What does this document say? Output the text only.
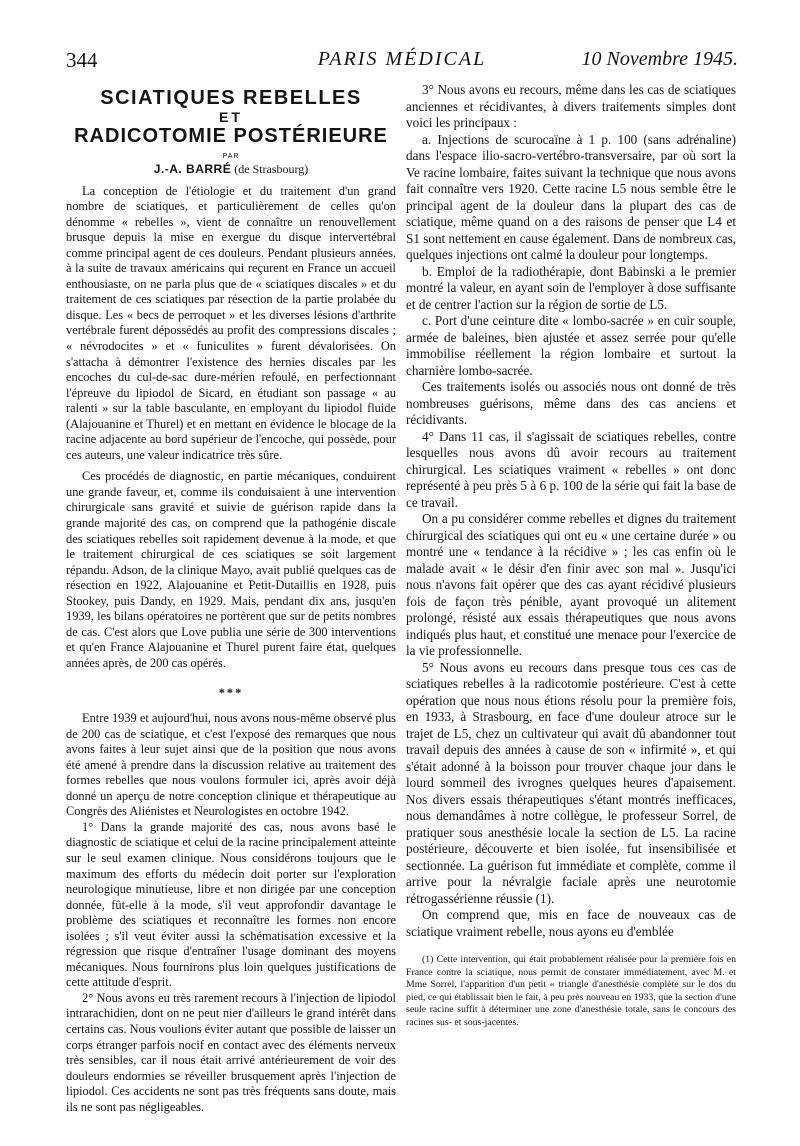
344	PARIS MÉDICAL	10 Novembre 1945.

SCIATIQUES REBELLES

ET

RADICOTOMIE POSTÉRIEURE

PAR

J.-A. BARRÉ (de Strasbourg)

La conception de l'étiologie et du traitement d'un grand nombre de sciatiques, et particulièrement de celles qu'on dénomme « rebelles », vient de connaître un renouvellement brusque depuis la mise en exergue du disque intervertébral comme principal agent de ces douleurs. Pendant plusieurs années, à la suite de travaux américains qui reçurent en France un accueil enthousiaste, on ne parla plus que de « sciatiques discales » et du traitement de ces sciatiques par résection de la partie prolabée du disque. Les « becs de perroquet » et les diverses lésions d'arthrite vertébrale furent dépossédés au profit des compressions discales ; « névrodocites » et « funiculites » furent dévalorisées. On s'attacha à démontrer l'existence des hernies discales par les encoches du cul-de-sac dure-mérien refoulé, en perfectionnant l'épreuve du lipiodol de Sicard, en étudiant son passage « au ralenti » sur la table basculante, en employant du lipiodol fluide (Alajouanine et Thurel) et en mettant en évidence le blocage de la racine adjacente au bord supérieur de l'encoche, qui possède, pour ces auteurs, une valeur indicatrice très sûre.

Ces procédés de diagnostic, en partie mécaniques, conduirent une grande faveur, et, comme ils conduisaient à une intervention chirurgicale sans gravité et suivie de guérison rapide dans la grande majorité des cas, on comprend que la pathogénie discale des sciatiques rebelles soit rapidement devenue à la mode, et que le traitement chirurgical de ces sciatiques se soit largement répandu. Adson, de la clinique Mayo, avait publié quelques cas de résection en 1922, Alajouanine et Petit-Dutaillis en 1928, puis Stookey, puis Dandy, en 1929. Mais, pendant dix ans, jusqu'en 1939, les bilans opératoires ne portèrent que sur de petits nombres de cas. C'est alors que Love publia une série de 300 interventions et qu'en France Alajouanine et Thurel purent faire état, quelques années après, de 200 cas opérés.

***

Entre 1939 et aujourd'hui, nous avons nous-même observé plus de 200 cas de sciatique, et c'est l'exposé des remarques que nous avons faites à leur sujet ainsi que de la position que nous avons été amené à prendre dans la discussion relative au traitement des formes rebelles que nous voulons formuler ici, après avoir déjà donné un aperçu de notre conception clinique et thérapeutique au Congrès des Aliénistes et Neurologistes en octobre 1942.

1° Dans la grande majorité des cas, nous avons basé le diagnostic de sciatique et celui de la racine principalement atteinte sur le seul examen clinique. Nous considérons toujours que le maximum des efforts du médecin doit porter sur l'exploration neurologique minutieuse, libre et non dirigée par une conception donnée, fût-elle à la mode, s'il veut approfondir davantage le problème des sciatiques et reconnaître les formes non encore isolées ; s'il veut éviter aussi la schématisation excessive et la régression que risque d'entraîner l'usage dominant des moyens mécaniques. Nous fournirons plus loin quelques justifications de cette attitude d'esprit.

2° Nous avons eu très rarement recours à l'injection de lipiodol intrarachidien, dont on ne peut nier d'ailleurs le grand intérêt dans certains cas. Nous voulions éviter autant que possible de laisser un corps étranger parfois nocif en contact avec des éléments nerveux très sensibles, car il nous était arrivé antérieurement de voir des douleurs endormies se réveiller brusquement après l'injection de lipiodol. Ces accidents ne sont pas très fréquents sans doute, mais ils ne sont pas négligeables.

3° Nous avons eu recours, même dans les cas de sciatiques anciennes et récidivantes, à divers traitements simples dont voici les principaux :

a. Injections de scurocaïne à 1 p. 100 (sans adrénaline) dans l'espace ilio-sacro-vertébro-transversaire, par où sort la Ve racine lombaire, faites suivant la technique que nous avons fait connaître vers 1920. Cette racine L5 nous semble être le principal agent de la douleur dans la plupart des cas de sciatique, même quand on a des raisons de penser que L4 et S1 sont nettement en cause également. Dans de nombreux cas, quelques injections ont calmé la douleur pour longtemps.

b. Emploi de la radiothérapie, dont Babinski a le premier montré la valeur, en ayant soin de l'employer à dose suffisante et de centrer l'action sur la région de sortie de L5.

c. Port d'une ceinture dite « lombo-sacrée » en cuir souple, armée de baleines, bien ajustée et assez serrée pour qu'elle immobilise réellement la région lombaire et surtout la charnière lombo-sacrée.

Ces traitements isolés ou associés nous ont donné de très nombreuses guérisons, même dans des cas anciens et récidivants.

4° Dans 11 cas, il s'agissait de sciatiques rebelles, contre lesquelles nous avons dû avoir recours au traitement chirurgical. Les sciatiques vraiment « rebelles » ont donc représenté à peu près 5 à 6 p. 100 de la série qui fait la base de ce travail.

On a pu considérer comme rebelles et dignes du traitement chirurgical des sciatiques qui ont eu « une certaine durée » ou montré une « tendance à la récidive » ; les cas enfin où le malade avait « le désir d'en finir avec son mal ». Jusqu'ici nous n'avons fait opérer que des cas ayant récidivé plusieurs fois de façon très pénible, ayant provoqué un alitement prolongé, résisté aux essais thérapeutiques que nous avons indiqués plus haut, et constitué une menace pour l'exercice de la vie professionnelle.

5° Nous avons eu recours dans presque tous ces cas de sciatiques rebelles à la radicotomie postérieure. C'est à cette opération que nous nous étions résolu pour la première fois, en 1933, à Strasbourg, en face d'une douleur atroce sur le trajet de L5, chez un cultivateur qui avait dû abandonner tout travail depuis des années à cause de son « infirmité », et qui s'était adonné à la boisson pour trouver chaque jour dans le lourd sommeil des ivrognes quelques heures d'apaisement. Nos divers essais thérapeutiques s'étant montrés inefficaces, nous demandâmes à notre collègue, le professeur Sorrel, de pratiquer sous anesthésie locale la section de L5. La racine postérieure, découverte et bien isolée, fut insensibilisée et sectionnée. La guérison fut immédiate et complète, comme il arrive pour la névralgie faciale après une neurotomie rétrogassérienne réussie (1).

On comprend que, mis en face de nouveaux cas de sciatique vraiment rebelle, nous ayons eu d'emblée

(1) Cette intervention, qui était probablement réalisée pour la première fois en France contre la sciatique, nous permit de constater immédiatement, avec M. et Mme Sorrel, l'apparition d'un petit « triangle d'anesthésie complète sur le dos du pied, ce qui établissait bien le fait, à peu près nouveau en 1933, que la section d'une seule racine suffit à déterminer une zone d'anesthésie totale, sans le concours des racines sus- et sous-jacentes.
